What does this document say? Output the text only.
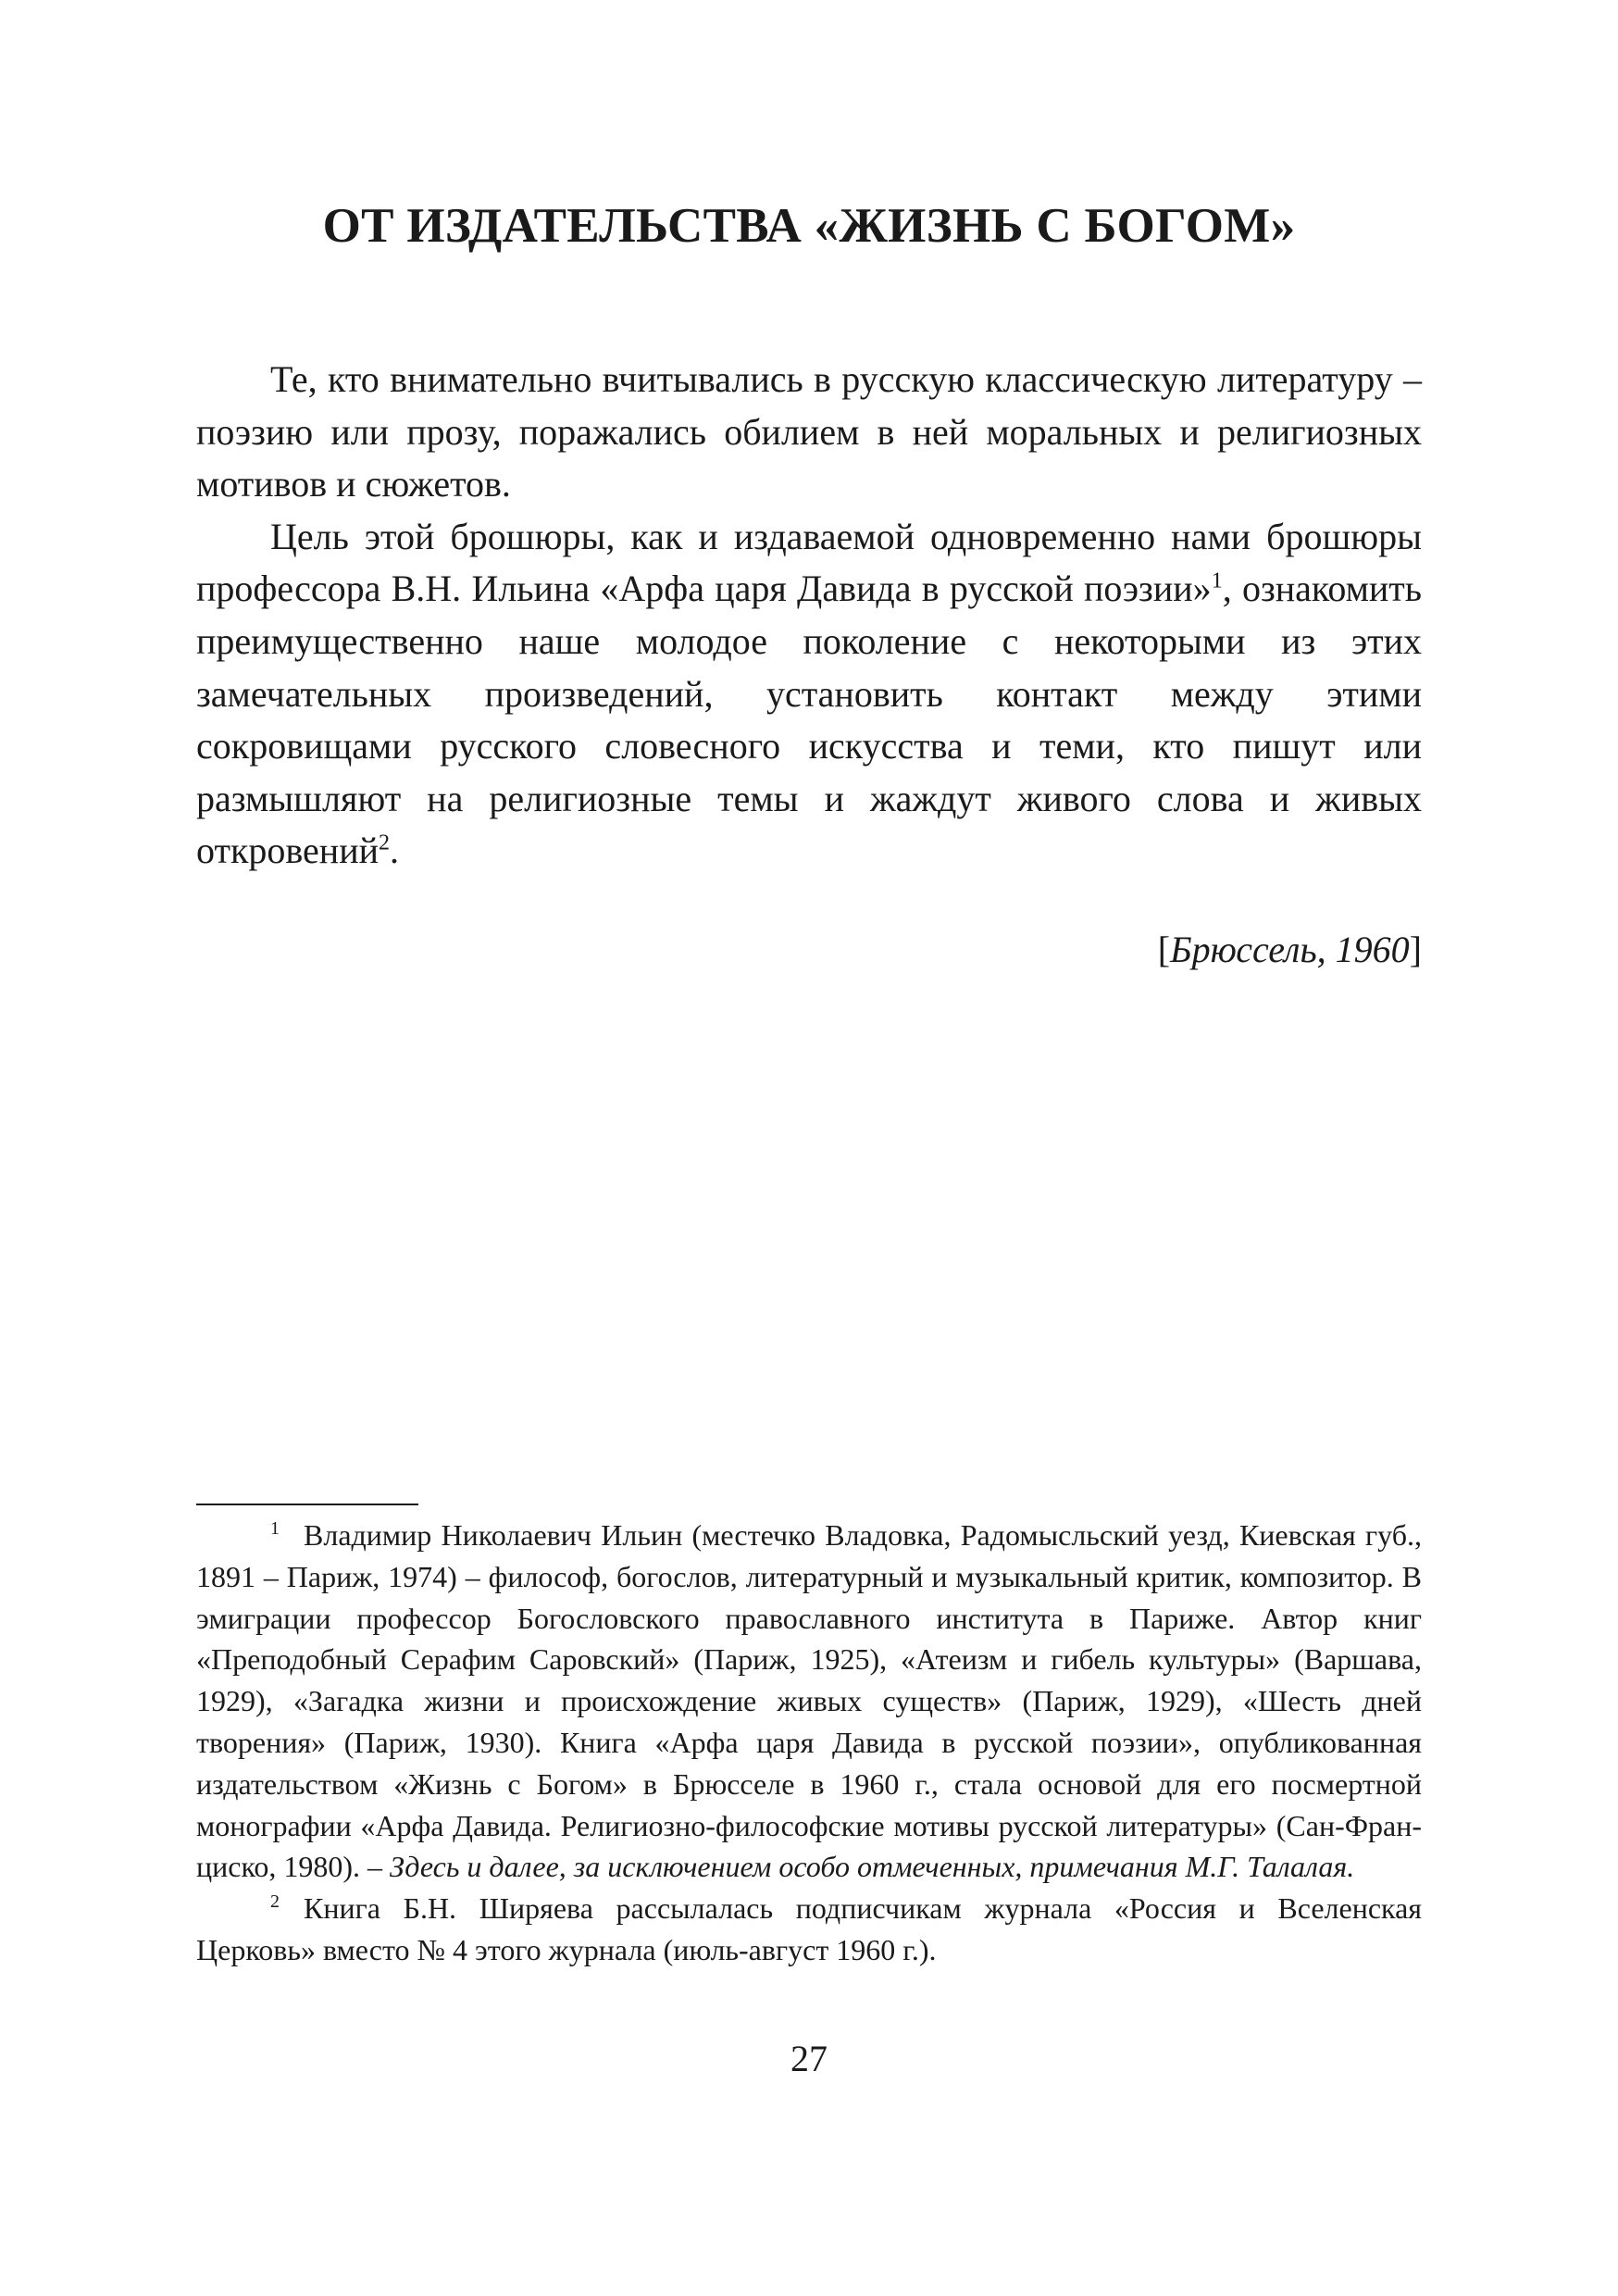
ОТ ИЗДАТЕЛЬСТВА «ЖИЗНЬ С БОГОМ»

Те, кто внимательно вчитывались в русскую классическую литературу – поэзию или прозу, поражались обилием в ней моральных и религиозных мотивов и сюжетов.

Цель этой брошюры, как и издаваемой одновременно нами брошюры профессора В.Н. Ильина «Арфа царя Давида в русской поэзии»$^1$, ознакомить преимущественно наше молодое поколение с некоторыми из этих замечательных произведений, установить контакт между этими сокровищами русского словесного искусства и теми, кто пишут или размышляют на религиозные темы и жаждут живого слова и живых откровений$^2$.

[Брюссель, 1960]

$^1$ Владимир Николаевич Ильин (местечко Владовка, Радомысльский уезд, Киевская губ., 1891 – Париж, 1974) – философ, богослов, литературный и музыкальный критик, композитор. В эмиграции профессор Богословского православного института в Париже. Автор книг «Преподобный Серафим Саровский» (Париж, 1925), «Атеизм и гибель культуры» (Варшава, 1929), «Загадка жизни и происхождение живых существ» (Париж, 1929), «Шесть дней творения» (Париж, 1930). Книга «Арфа царя Давида в русской поэзии», опубликованная издательством «Жизнь с Богом» в Брюсселе в 1960 г., стала основой для его посмертной монографии «Арфа Давида. Религиозно-философские мотивы русской литературы» (Сан-Франциско, 1980). – Здесь и далее, за исключением особо отмеченных, примечания М.Г. Талалая.

$^2$ Книга Б.Н. Ширяева рассылалась подписчикам журнала «Россия и Вселенская Церковь» вместо № 4 этого журнала (июль-август 1960 г.).

27
